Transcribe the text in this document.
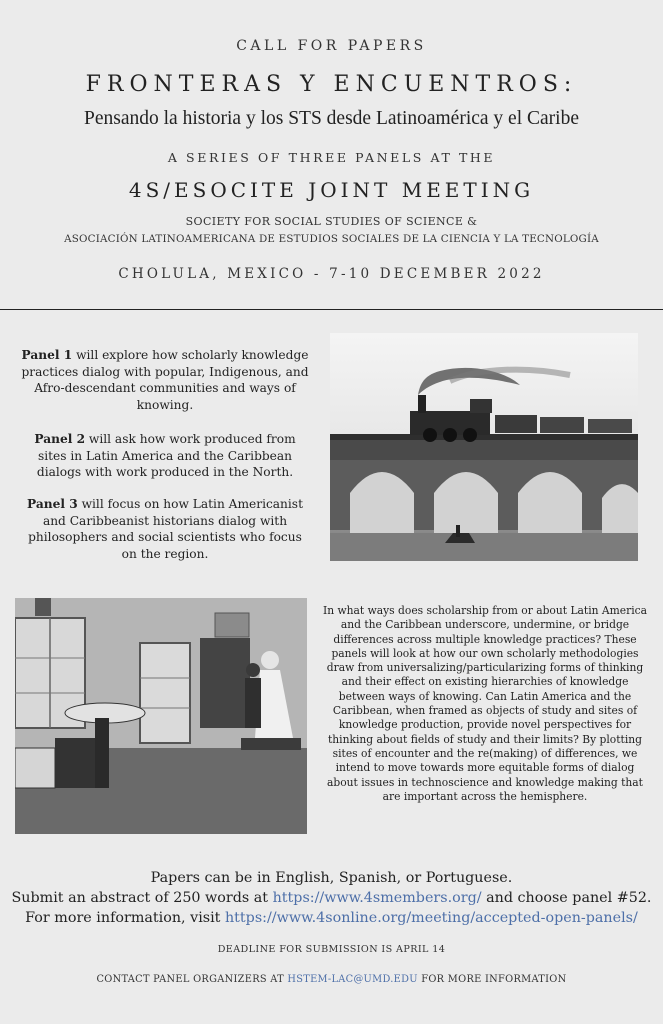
CALL FOR PAPERS
FRONTERAS Y ENCUENTROS:
Pensando la historia y los STS desde Latinoamérica y el Caribe
A SERIES OF THREE PANELS AT THE
4S/ESOCITE JOINT MEETING
SOCIETY FOR SOCIAL STUDIES OF SCIENCE &
ASOCIACIÓN LATINOAMERICANA DE ESTUDIOS SOCIALES DE LA CIENCIA Y LA TECNOLOGÍA
CHOLULA, MEXICO - 7-10 DECEMBER 2022
Panel 1 will explore how scholarly knowledge practices dialog with popular, Indigenous, and Afro-descendant communities and ways of knowing.
Panel 2 will ask how work produced from sites in Latin America and the Caribbean dialogs with work produced in the North.
Panel 3 will focus on how Latin Americanist and Caribbeanist historians dialog with philosophers and social scientists who focus on the region.
In what ways does scholarship from or about Latin America and the Caribbean underscore, undermine, or bridge differences across multiple knowledge practices? These panels will look at how our own scholarly methodologies draw from universalizing/particularizing forms of thinking and their effect on existing hierarchies of knowledge between ways of knowing. Can Latin America and the Caribbean, when framed as objects of study and sites of knowledge production, provide novel perspectives for thinking about fields of study and their limits? By plotting sites of encounter and the re(making) of differences, we intend to move towards more equitable forms of dialog about issues in technoscience and knowledge making that are important across the hemisphere.
Papers can be in English, Spanish, or Portuguese.
Submit an abstract of 250 words at https://www.4smembers.org/ and choose panel #52.
For more information, visit https://www.4sonline.org/meeting/accepted-open-panels/
DEADLINE FOR SUBMISSION IS APRIL 14
CONTACT PANEL ORGANIZERS AT HSTEM-LAC@UMD.EDU FOR MORE INFORMATION
